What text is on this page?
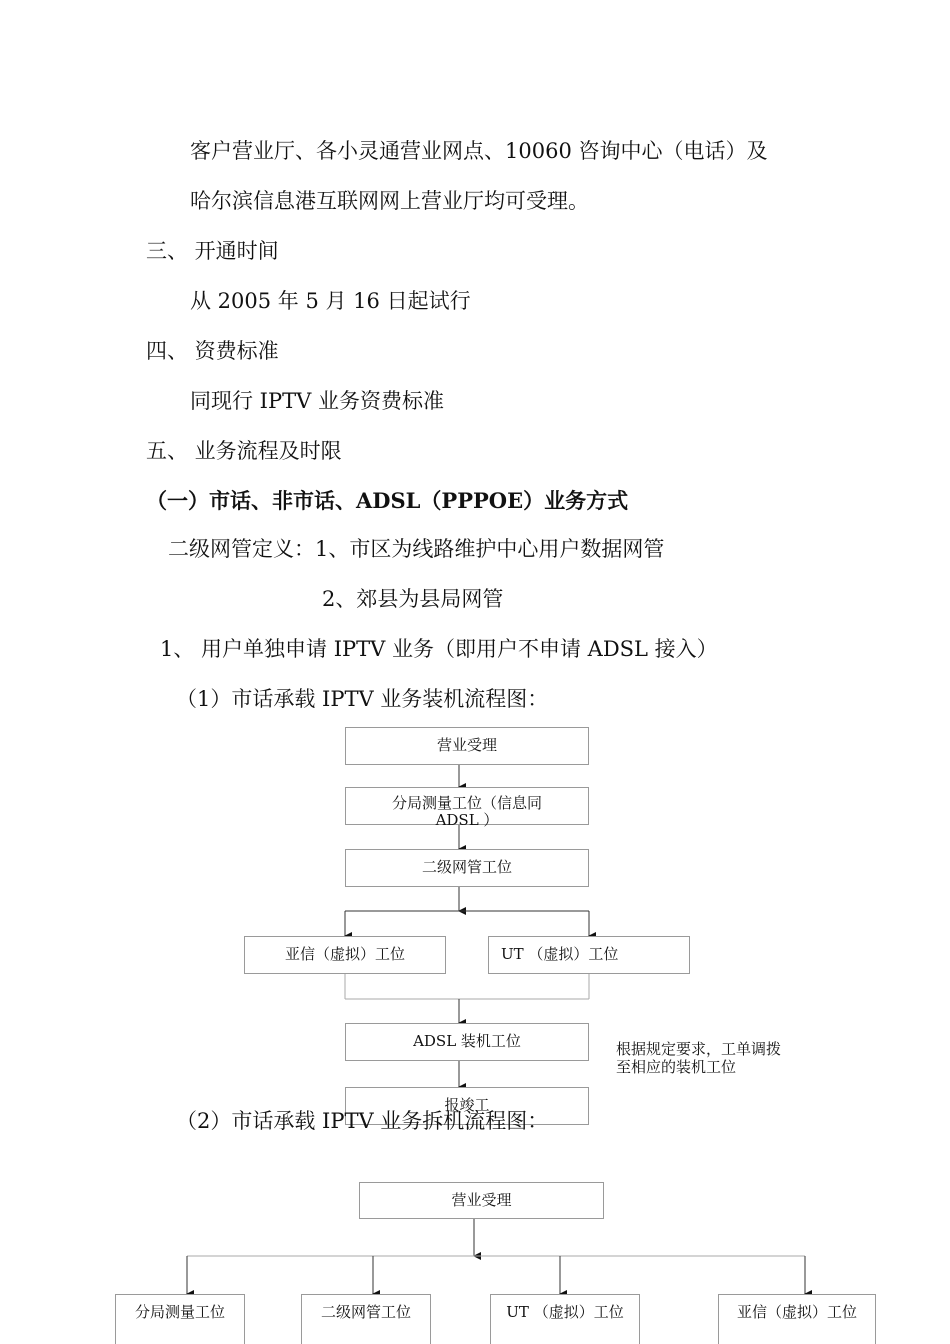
客户营业厅、各小灵通营业网点、10060 咨询中心（电话）及
哈尔滨信息港互联网网上营业厅均可受理。
三、 开通时间
从 2005 年 5 月 16 日起试行
四、 资费标准
同现行 IPTV 业务资费标准
五、 业务流程及时限
（一）市话、非市话、ADSL（PPPOE）业务方式
二级网管定义：1、市区为线路维护中心用户数据网管
2、郊县为县局网管
1、 用户单独申请 IPTV 业务（即用户不申请 ADSL 接入）
（1）市话承载 IPTV 业务装机流程图：
营业受理
分局测量工位（信息同
ADSL ）
二级网管工位
亚信（虚拟）工位	UT （虚拟）工位
ADSL 装机工位
报竣工
根据规定要求，工单调拨
至相应的装机工位
（2）市话承载 IPTV 业务拆机流程图：
营业受理
分局测量工位	二级网管工位	UT （虚拟）工位	亚信（虚拟）工位
